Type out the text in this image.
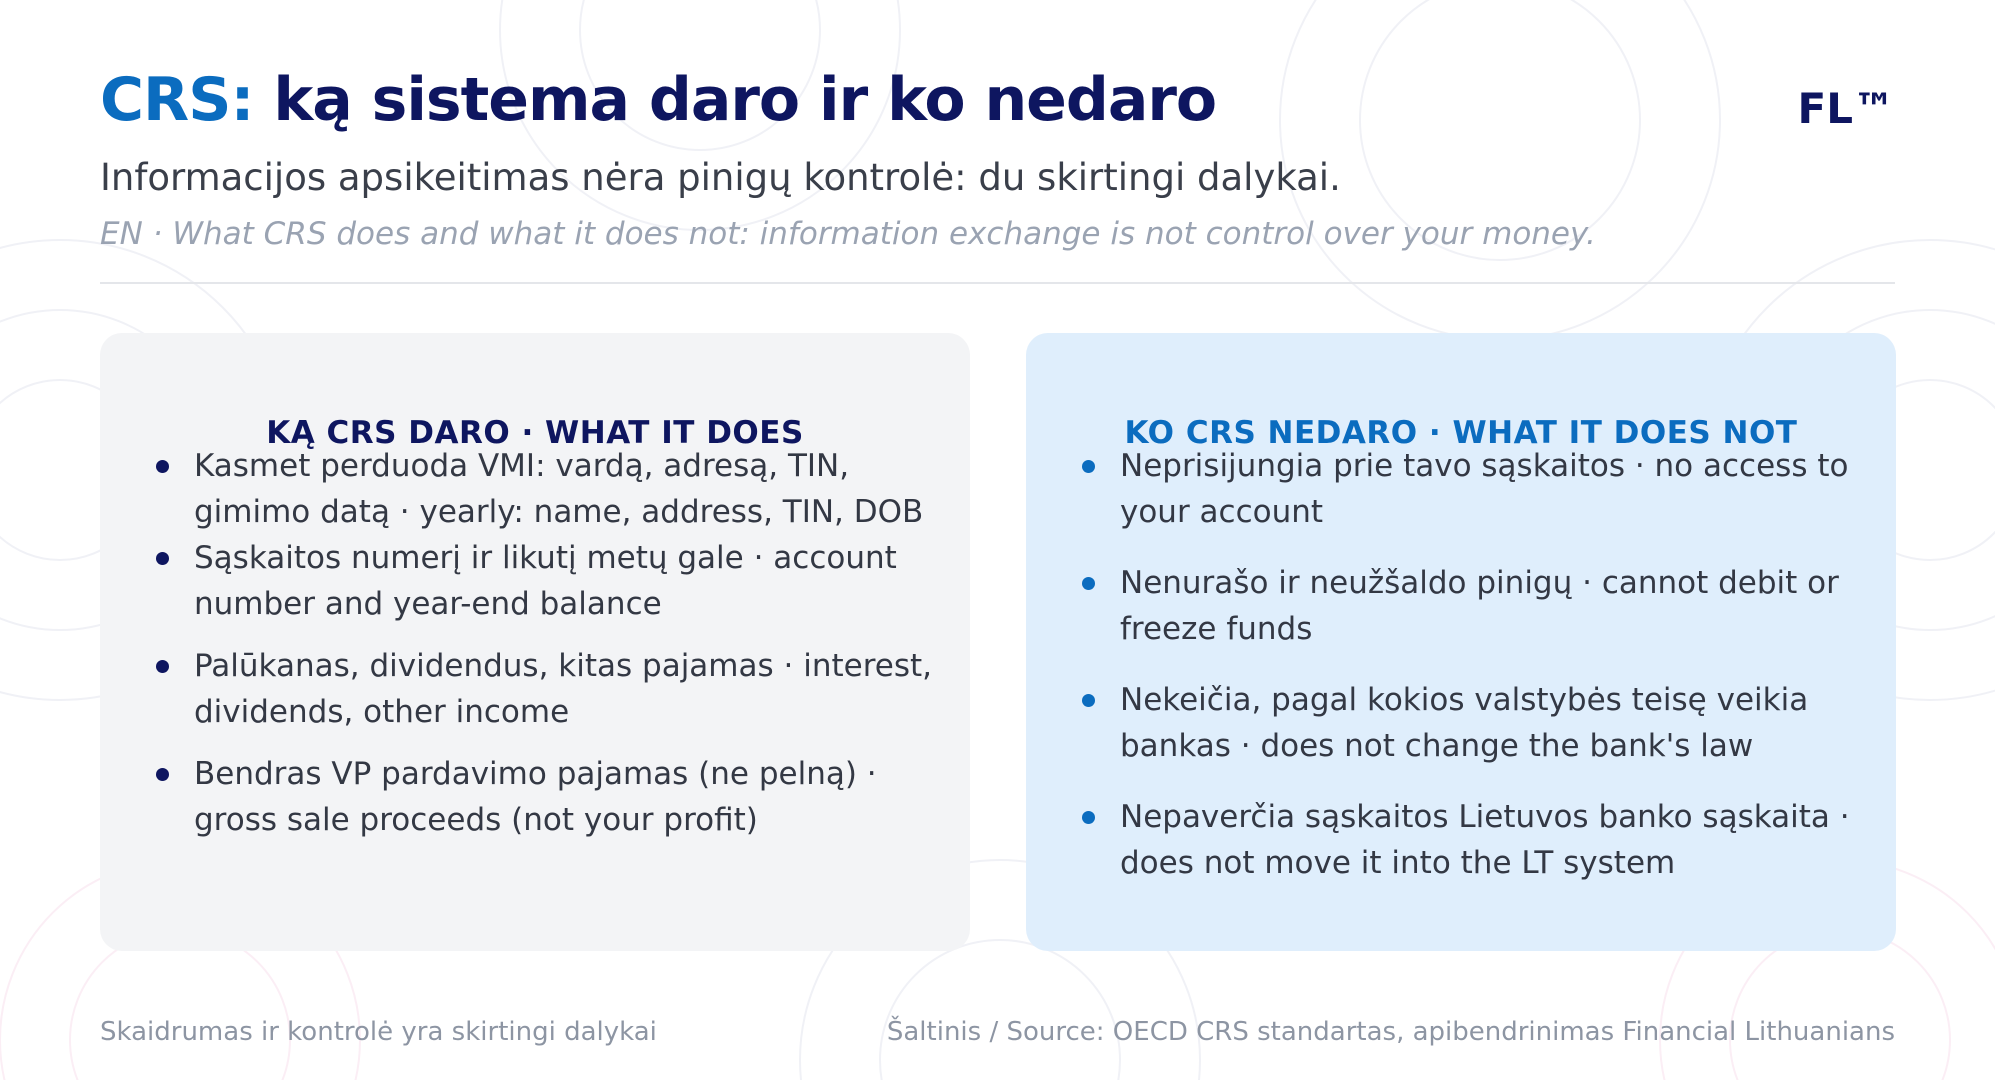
CRS: ką sistema daro ir ko nedaro	FL™

Informacijos apsikeitimas nėra pinigų kontrolė: du skirtingi dalykai.

EN · What CRS does and what it does not: information exchange is not control over your money.

KĄ CRS DARO · WHAT IT DOES
Kasmet perduoda VMI: vardą, adresą, TIN, gimimo datą · yearly: name, address, TIN, DOB
Sąskaitos numerį ir likutį metų gale · account number and year-end balance
Palūkanas, dividendus, kitas pajamas · interest, dividends, other income
Bendras VP pardavimo pajamas (ne pelną) · gross sale proceeds (not your profit)
KO CRS NEDARO · WHAT IT DOES NOT
Neprisijungia prie tavo sąskaitos · no access to your account
Nenurašo ir neužšaldo pinigų · cannot debit or freeze funds
Nekeičia, pagal kokios valstybės teisę veikia bankas · does not change the bank's law
Nepaverčia sąskaitos Lietuvos banko sąskaita · does not move it into the LT system
Skaidrumas ir kontrolė yra skirtingi dalykai	Šaltinis / Source: OECD CRS standartas, apibendrinimas Financial Lithuanians
